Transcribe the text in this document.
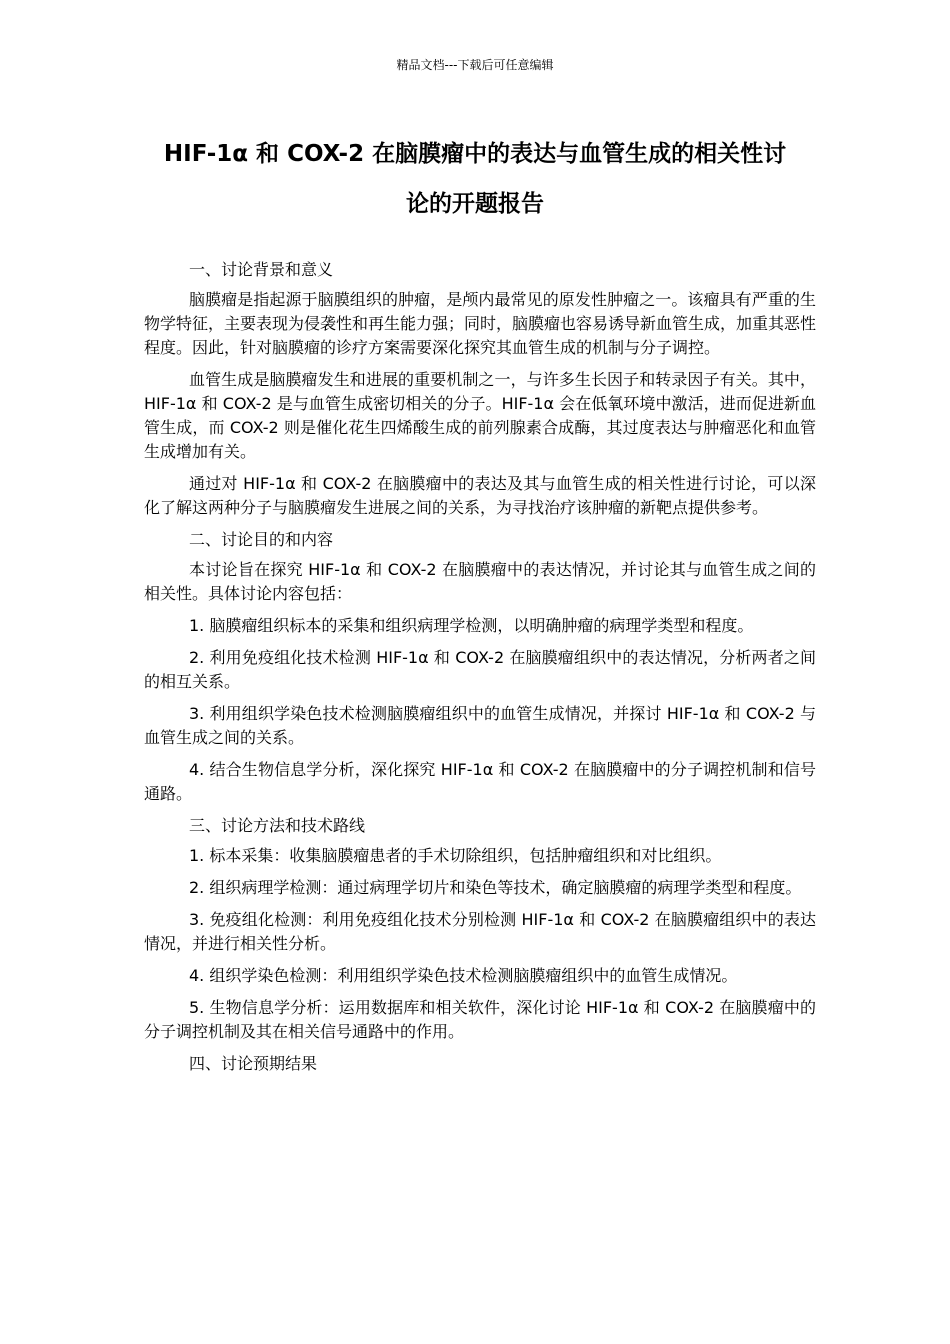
精品文档---下载后可任意编辑
HIF-1α 和 COX-2 在脑膜瘤中的表达与血管生成的相关性讨
论的开题报告

一、讨论背景和意义

脑膜瘤是指起源于脑膜组织的肿瘤，是颅内最常见的原发性肿瘤之一。该瘤具有严重的生物学特征，主要表现为侵袭性和再生能力强；同时，脑膜瘤也容易诱导新血管生成，加重其恶性程度。因此，针对脑膜瘤的诊疗方案需要深化探究其血管生成的机制与分子调控。

血管生成是脑膜瘤发生和进展的重要机制之一，与许多生长因子和转录因子有关。其中，HIF-1α 和 COX-2 是与血管生成密切相关的分子。HIF-1α 会在低氧环境中激活，进而促进新血管生成，而 COX-2 则是催化花生四烯酸生成的前列腺素合成酶，其过度表达与肿瘤恶化和血管生成增加有关。

通过对 HIF-1α 和 COX-2 在脑膜瘤中的表达及其与血管生成的相关性进行讨论，可以深化了解这两种分子与脑膜瘤发生进展之间的关系，为寻找治疗该肿瘤的新靶点提供参考。

二、讨论目的和内容

本讨论旨在探究 HIF-1α 和 COX-2 在脑膜瘤中的表达情况，并讨论其与血管生成之间的相关性。具体讨论内容包括：

1. 脑膜瘤组织标本的采集和组织病理学检测，以明确肿瘤的病理学类型和程度。

2. 利用免疫组化技术检测 HIF-1α 和 COX-2 在脑膜瘤组织中的表达情况，分析两者之间的相互关系。

3. 利用组织学染色技术检测脑膜瘤组织中的血管生成情况，并探讨 HIF-1α 和 COX-2 与血管生成之间的关系。

4. 结合生物信息学分析，深化探究 HIF-1α 和 COX-2 在脑膜瘤中的分子调控机制和信号通路。

三、讨论方法和技术路线

1. 标本采集：收集脑膜瘤患者的手术切除组织，包括肿瘤组织和对比组织。

2. 组织病理学检测：通过病理学切片和染色等技术，确定脑膜瘤的病理学类型和程度。

3. 免疫组化检测：利用免疫组化技术分别检测 HIF-1α 和 COX-2 在脑膜瘤组织中的表达情况，并进行相关性分析。

4. 组织学染色检测：利用组织学染色技术检测脑膜瘤组织中的血管生成情况。

5. 生物信息学分析：运用数据库和相关软件，深化讨论 HIF-1α 和 COX-2 在脑膜瘤中的分子调控机制及其在相关信号通路中的作用。

四、讨论预期结果
